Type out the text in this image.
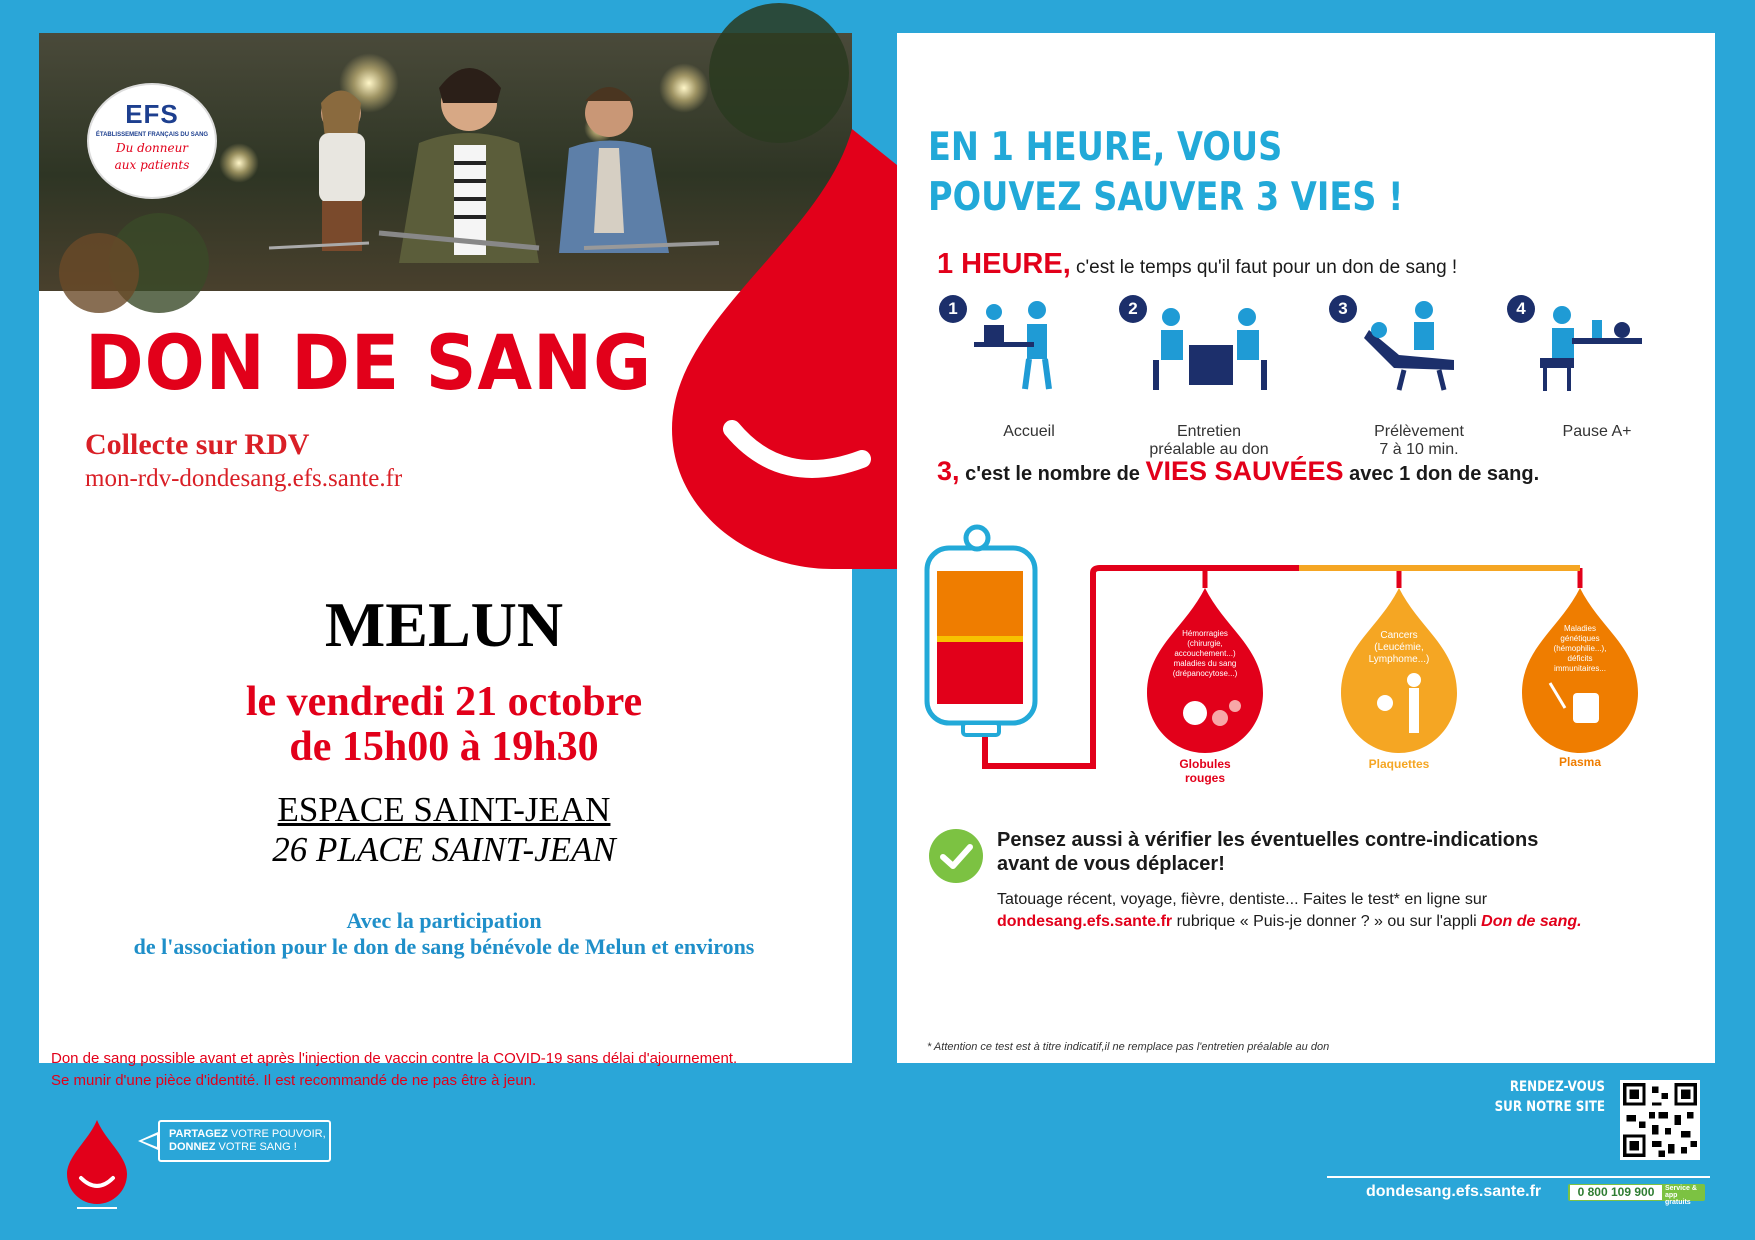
EFS
ÉTABLISSEMENT FRANÇAIS DU SANG
Du donneur
aux patients
DON DE SANG
Collecte sur RDV
mon-rdv-dondesang.efs.sante.fr
MELUN
le vendredi 21 octobre
de 15h00 à 19h30
ESPACE SAINT-JEAN
26 PLACE SAINT-JEAN
Avec la participation
de l'association pour le don de sang bénévole de Melun et environs
Don de sang possible avant et après l'injection de vaccin contre la COVID-19 sans délai d'ajournement.
Se munir d'une pièce d'identité. Il est recommandé de ne pas être à jeun.
EN 1 HEURE, VOUS
POUVEZ SAUVER 3 VIES !
1 HEURE, c'est le temps qu'il faut pour un don de sang !
1
Accueil

2
Entretien
préalable au don
3
Prélèvement
7 à 10 min.
4
Pause A+

3, c'est le nombre de VIES SAUVÉES avec 1 don de sang.
Hémorragies
(chirurgie,
accouchement...)
maladies du sang
(drépanocytose...)
Cancers
(Leucémie,
Lymphome...)
Maladies
génétiques
(hémophilie...),
déficits
immunitaires...
Globules
rouges
Plaquettes	Plasma
Pensez aussi à vérifier les éventuelles contre-indications
avant de vous déplacer!
Tatouage récent, voyage, fièvre, dentiste... Faites le test* en ligne sur
dondesang.efs.sante.fr rubrique « Puis-je donner ? » ou sur l'appli Don de sang.
* Attention ce test est à titre indicatif,il ne remplace pas l'entretien préalable au don
PARTAGEZ VOTRE POUVOIR,
DONNEZ VOTRE SANG !
RENDEZ-VOUS
SUR NOTRE SITE
dondesang.efs.sante.fr	0 800 109 900	Service & app
gratuits
